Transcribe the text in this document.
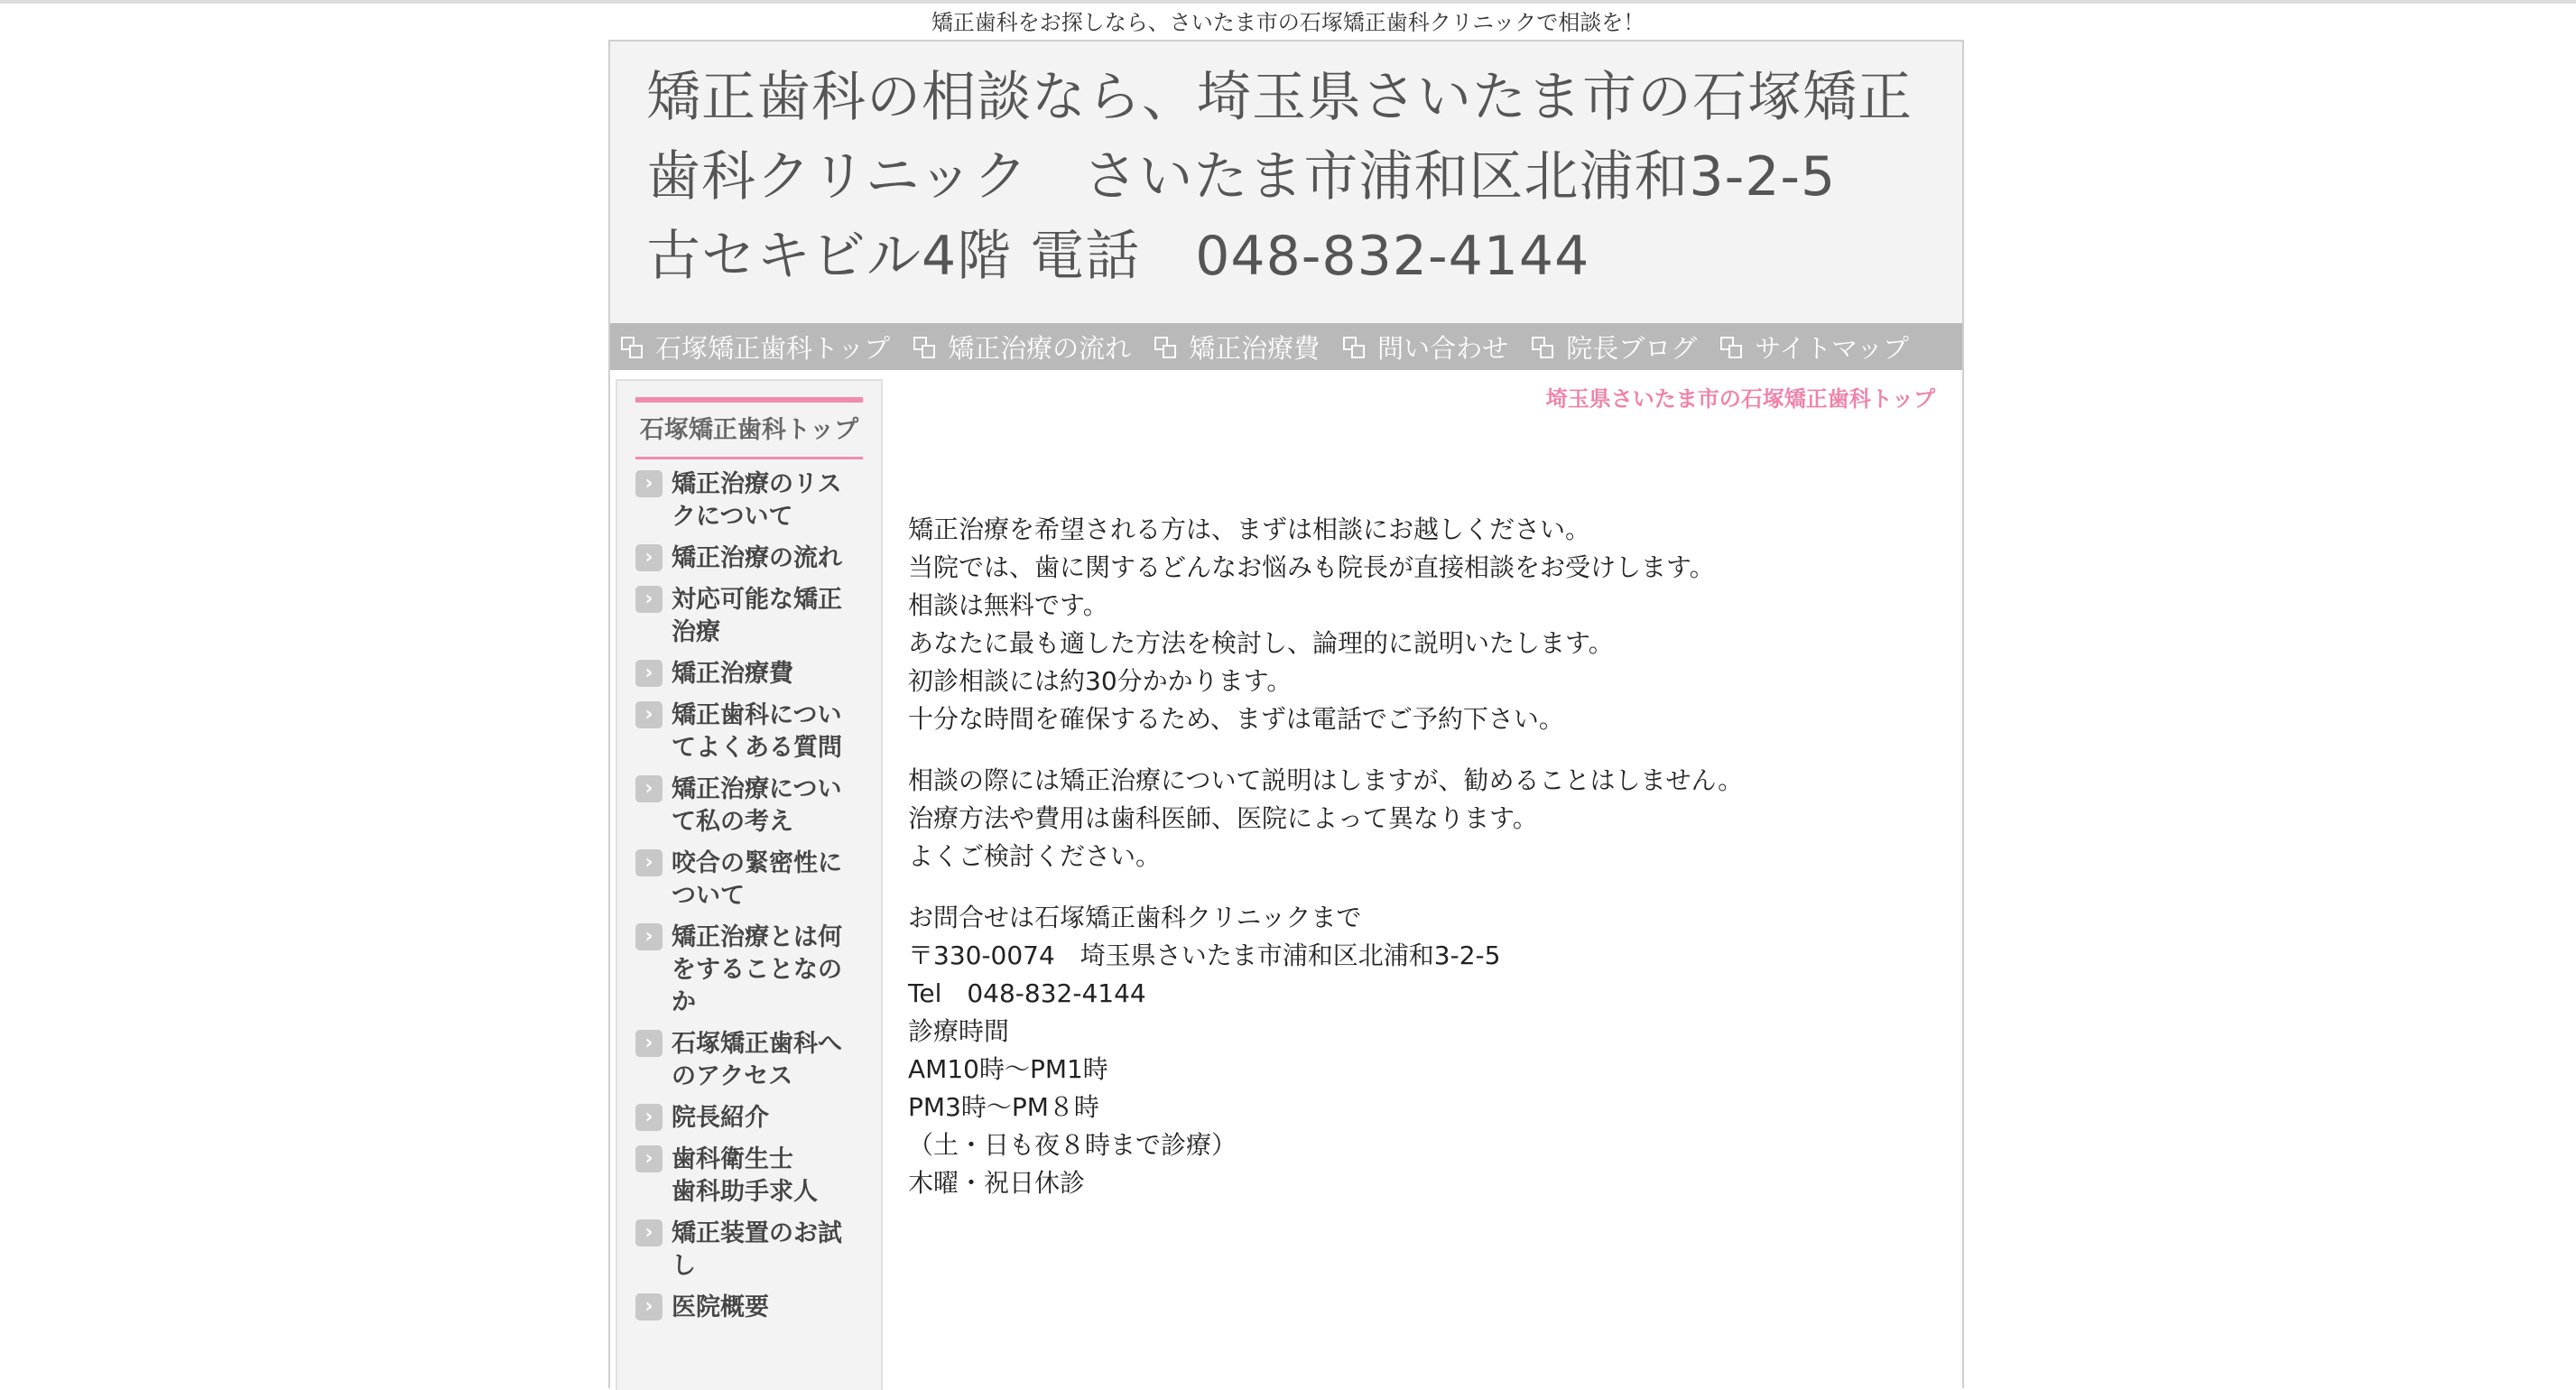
矯正歯科をお探しなら、さいたま市の石塚矯正歯科クリニックで相談を！
矯正歯科の相談なら、埼玉県さいたま市の石塚矯正歯科クリニック　さいたま市浦和区北浦和3-2-5　古セキビル4階 電話　048-832-4144
石塚矯正歯科トップ 矯正治療の流れ 矯正治療費 問い合わせ 院長ブログ サイトマップ
石塚矯正歯科トップ
› 矯正治療のリスクについて
› 矯正治療の流れ
› 対応可能な矯正治療
› 矯正治療費
› 矯正歯科についてよくある質問
› 矯正治療について私の考え
› 咬合の緊密性について
› 矯正治療とは何をすることなのか
› 石塚矯正歯科へのアクセス
› 院長紹介
› 歯科衛生士　　歯科助手求人
› 矯正装置のお試し
› 医院概要
埼玉県さいたま市の石塚矯正歯科トップ

矯正治療を希望される方は、まずは相談にお越しください。
当院では、歯に関するどんなお悩みも院長が直接相談をお受けします。
相談は無料です。
あなたに最も適した方法を検討し、論理的に説明いたします。
初診相談には約30分かかります。
十分な時間を確保するため、まずは電話でご予約下さい。

相談の際には矯正治療について説明はしますが、勧めることはしません。
治療方法や費用は歯科医師、医院によって異なります。
よくご検討ください。

お問合せは石塚矯正歯科クリニックまで
〒330-0074　埼玉県さいたま市浦和区北浦和3-2-5
Tel　048-832-4144
診療時間
AM10時〜PM1時
PM3時〜PM８時
（土・日も夜８時まで診療）
木曜・祝日休診
